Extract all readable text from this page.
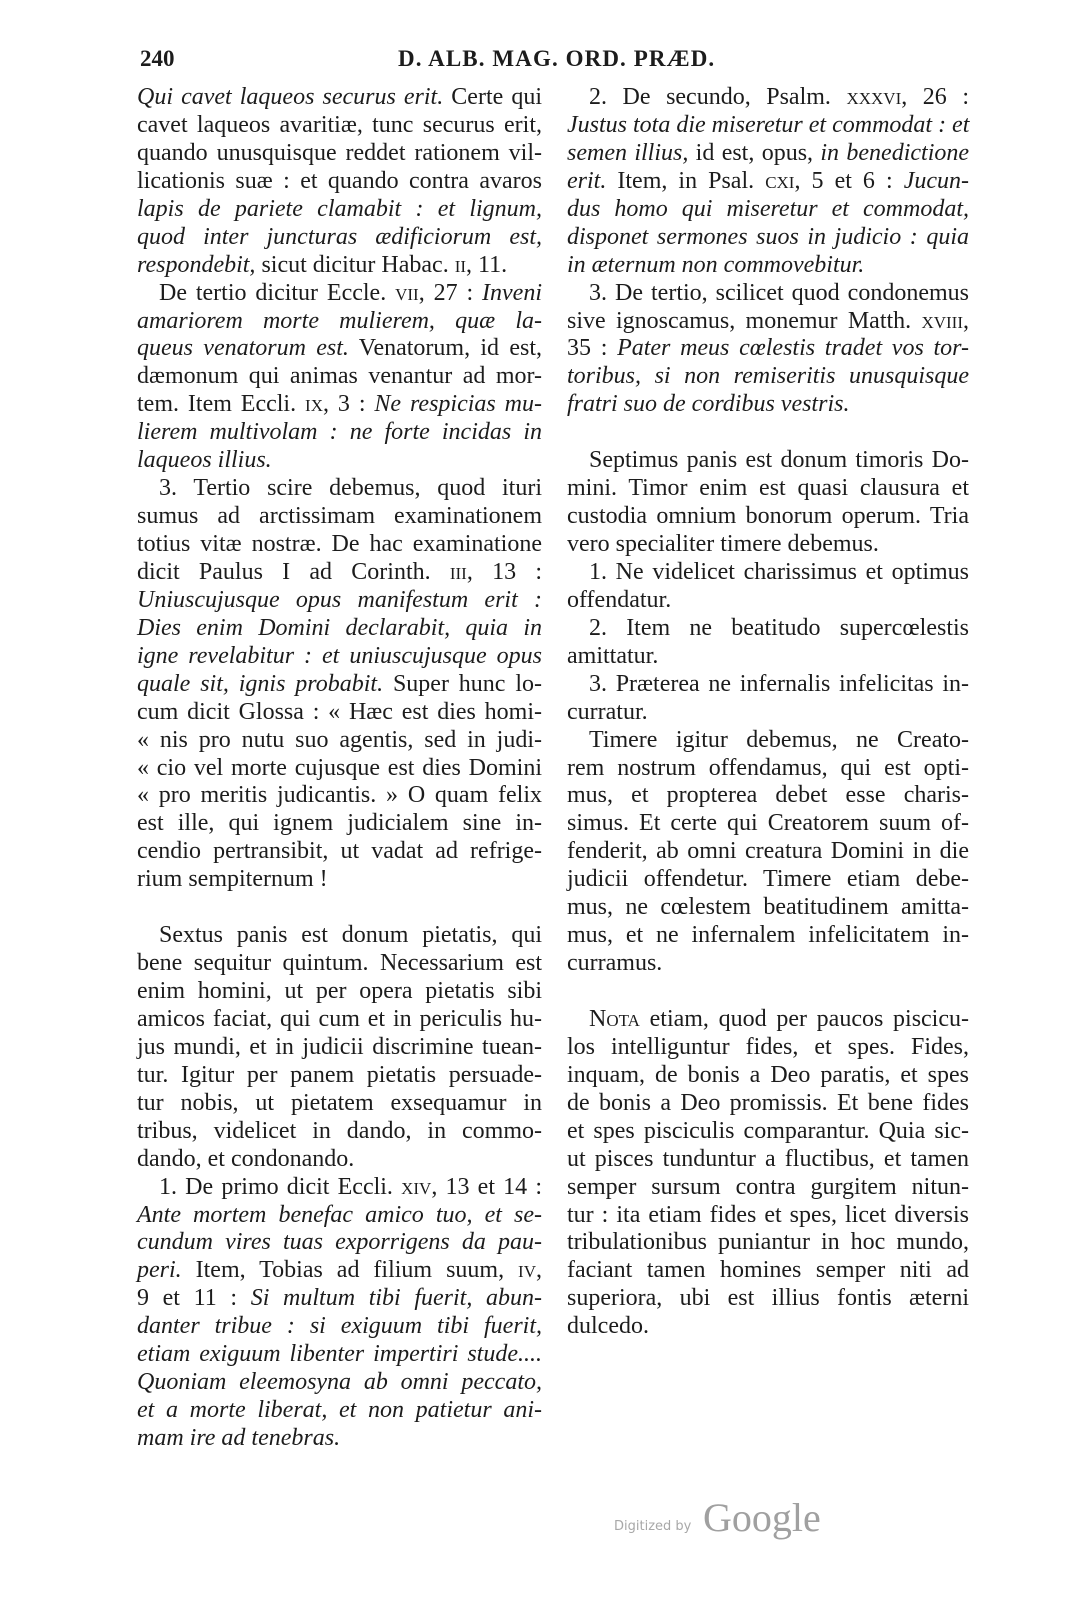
240	D. ALB. MAG. ORD. PRÆD.
Qui cavet laqueos securus erit. Certe qui
cavet laqueos avaritiæ, tunc securus erit,
quando unusquisque reddet rationem vil-
licationis suæ : et quando contra avaros
lapis de pariete clamabit : et lignum,
quod inter juncturas ædificiorum est,
respondebit, sicut dicitur Habac. ii, 11.
De tertio dicitur Eccle. vii, 27 : Inveni
amariorem morte mulierem, quæ la-
queus venatorum est. Venatorum, id est,
dæmonum qui animas venantur ad mor-
tem. Item Eccli. ix, 3 : Ne respicias mu-
lierem multivolam : ne forte incidas in
laqueos illius.
3. Tertio scire debemus, quod ituri
sumus ad arctissimam examinationem
totius vitæ nostræ. De hac examinatione
dicit Paulus I ad Corinth. iii, 13 :
Uniuscujusque opus manifestum erit :
Dies enim Domini declarabit, quia in
igne revelabitur : et uniuscujusque opus
quale sit, ignis probabit. Super hunc lo-
cum dicit Glossa : « Hæc est dies homi-
« nis pro nutu suo agentis, sed in judi-
« cio vel morte cujusque est dies Domini
« pro meritis judicantis. » O quam felix
est ille, qui ignem judicialem sine in-
cendio pertransibit, ut vadat ad refrige-
rium sempiternum !
Sextus panis est donum pietatis, qui
bene sequitur quintum. Necessarium est
enim homini, ut per opera pietatis sibi
amicos faciat, qui cum et in periculis hu-
jus mundi, et in judicii discrimine tuean-
tur. Igitur per panem pietatis persuade-
tur nobis, ut pietatem exsequamur in
tribus, videlicet in dando, in commo-
dando, et condonando.
1. De primo dicit Eccli. xiv, 13 et 14 :
Ante mortem benefac amico tuo, et se-
cundum vires tuas exporrigens da pau-
peri. Item, Tobias ad filium suum, iv,
9 et 11 : Si multum tibi fuerit, abun-
danter tribue : si exiguum tibi fuerit,
etiam exiguum libenter impertiri stude....
Quoniam eleemosyna ab omni peccato,
et a morte liberat, et non patietur ani-
mam ire ad tenebras.
2. De secundo, Psalm. xxxvi, 26 :
Justus tota die miseretur et commodat : et
semen illius, id est, opus, in benedictione
erit. Item, in Psal. cxi, 5 et 6 : Jucun-
dus homo qui miseretur et commodat,
disponet sermones suos in judicio : quia
in æternum non commovebitur.
3. De tertio, scilicet quod condonemus
sive ignoscamus, monemur Matth. xviii,
35 : Pater meus cœlestis tradet vos tor-
toribus, si non remiseritis unusquisque
fratri suo de cordibus vestris.
Septimus panis est donum timoris Do-
mini. Timor enim est quasi clausura et
custodia omnium bonorum operum. Tria
vero specialiter timere debemus.
1. Ne videlicet charissimus et optimus
offendatur.
2. Item ne beatitudo supercœlestis
amittatur.
3. Præterea ne infernalis infelicitas in-
curratur.
Timere igitur debemus, ne Creato-
rem nostrum offendamus, qui est opti-
mus, et propterea debet esse charis-
simus. Et certe qui Creatorem suum of-
fenderit, ab omni creatura Domini in die
judicii offendetur. Timere etiam debe-
mus, ne cœlestem beatitudinem amitta-
mus, et ne infernalem infelicitatem in-
curramus.
Nota etiam, quod per paucos piscicu-
los intelliguntur fides, et spes. Fides,
inquam, de bonis a Deo paratis, et spes
de bonis a Deo promissis. Et bene fides
et spes pisciculis comparantur. Quia sic-
ut pisces tunduntur a fluctibus, et tamen
semper sursum contra gurgitem nitun-
tur : ita etiam fides et spes, licet diversis
tribulationibus puniantur in hoc mundo,
faciant tamen homines semper niti ad
superiora, ubi est illius fontis æterni
dulcedo.
Digitized by Google
